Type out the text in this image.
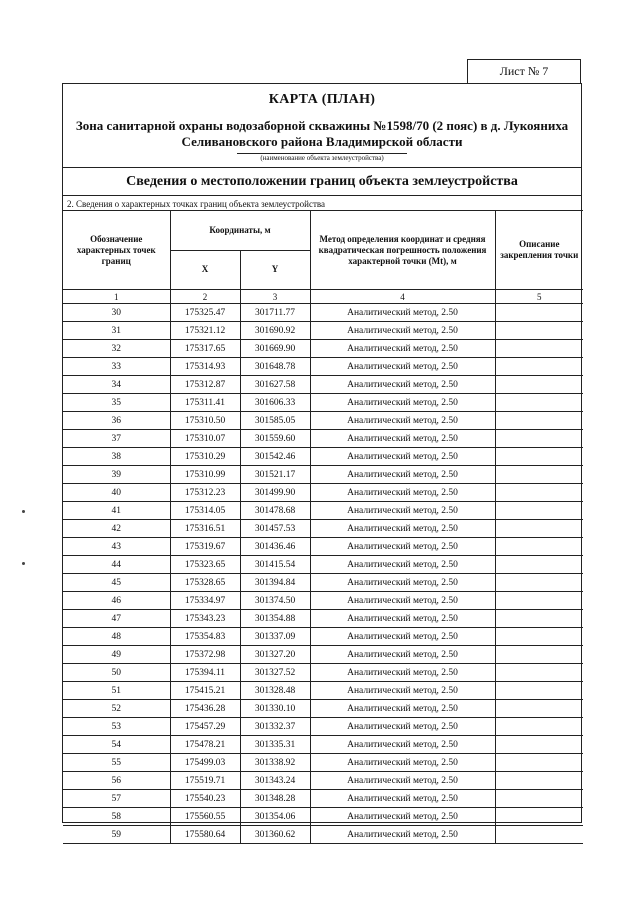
Лист № 7
КАРТА (ПЛАН)
Зона санитарной охраны водозаборной скважины №1598/70 (2 пояс) в д. Лукояниха Селивановского района Владимирской области
(наименование объекта землеустройства)
Сведения о местоположении границ объекта землеустройства
2. Сведения о характерных точках границ объекта землеустройства
Обозначение характерных точек границ	Координаты, м		Метод определения координат и средняя квадратическая погрешность положения характерной точки (Mt), м	Описание закрепления точки
	X	Y		
1	2	3	4	5
30	175325.47	301711.77	Аналитический метод, 2.50	
31	175321.12	301690.92	Аналитический метод, 2.50	
32	175317.65	301669.90	Аналитический метод, 2.50	
33	175314.93	301648.78	Аналитический метод, 2.50	
34	175312.87	301627.58	Аналитический метод, 2.50	
35	175311.41	301606.33	Аналитический метод, 2.50	
36	175310.50	301585.05	Аналитический метод, 2.50	
37	175310.07	301559.60	Аналитический метод, 2.50	
38	175310.29	301542.46	Аналитический метод, 2.50	
39	175310.99	301521.17	Аналитический метод, 2.50	
40	175312.23	301499.90	Аналитический метод, 2.50	
41	175314.05	301478.68	Аналитический метод, 2.50	
42	175316.51	301457.53	Аналитический метод, 2.50	
43	175319.67	301436.46	Аналитический метод, 2.50	
44	175323.65	301415.54	Аналитический метод, 2.50	
45	175328.65	301394.84	Аналитический метод, 2.50	
46	175334.97	301374.50	Аналитический метод, 2.50	
47	175343.23	301354.88	Аналитический метод, 2.50	
48	175354.83	301337.09	Аналитический метод, 2.50	
49	175372.98	301327.20	Аналитический метод, 2.50	
50	175394.11	301327.52	Аналитический метод, 2.50	
51	175415.21	301328.48	Аналитический метод, 2.50	
52	175436.28	301330.10	Аналитический метод, 2.50	
53	175457.29	301332.37	Аналитический метод, 2.50	
54	175478.21	301335.31	Аналитический метод, 2.50	
55	175499.03	301338.92	Аналитический метод, 2.50	
56	175519.71	301343.24	Аналитический метод, 2.50	
57	175540.23	301348.28	Аналитический метод, 2.50	
58	175560.55	301354.06	Аналитический метод, 2.50	
59	175580.64	301360.62	Аналитический метод, 2.50	
